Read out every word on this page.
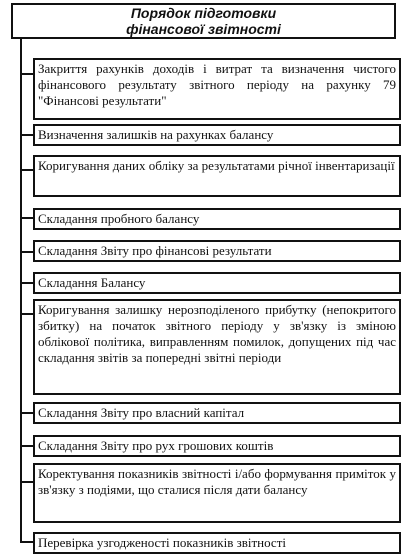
Порядок підготовки
фінансової звітності
Закриття рахунків доходів і витрат та визначення чистого фінансового результату звітного періоду на рахунку 79 "Фінансові результати"
Визначення залишків на рахунках балансу
Коригування даних обліку за результатами річної інвентаризації
Складання пробного балансу
Складання Звіту про фінансові результати
Складання Балансу
Коригування залишку нерозподіленого прибутку (непокритого збитку) на початок звітного періоду у зв'язку із зміною облікової політика, виправленням помилок, допущених під час складання звітів за попередні звітні періоди
Складання Звіту про власний капітал
Складання Звіту про рух грошових коштів
Коректування показників звітності і/або формування приміток у зв'язку з подіями, що сталися після дати балансу
Перевірка узгодженості показників звітності
